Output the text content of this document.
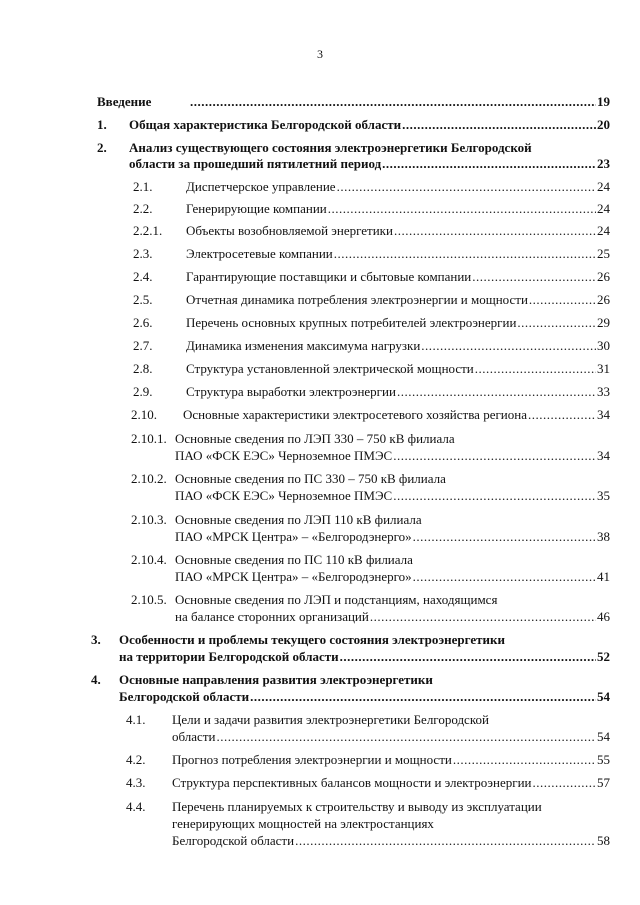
3
Введение .....	19
1.	Общая характеристика Белгородской области .....	20
2.	Анализ существующего состояния электроэнергетики Белгородской
области за прошедший пятилетний период .....	23
2.1.	Диспетчерское управление .....	24
2.2.	Генерирующие компании .....	24
2.2.1.	Объекты возобновляемой энергетики .....	24
2.3.	Электросетевые компании .....	25
2.4.	Гарантирующие поставщики и сбытовые компании .....	26
2.5.	Отчетная динамика потребления электроэнергии и мощности .....	26
2.6.	Перечень основных крупных потребителей электроэнергии .....	29
2.7.	Динамика изменения максимума нагрузки .....	30
2.8.	Структура установленной электрической мощности .....	31
2.9.	Структура выработки электроэнергии .....	33
2.10.	Основные характеристики электросетевого хозяйства региона .....	34
2.10.1. Основные сведения по ЛЭП 330 – 750 кВ филиала
ПАО «ФСК ЕЭС» Черноземное ПМЭС .....	34
2.10.2. Основные сведения по ПС 330 – 750 кВ филиала
ПАО «ФСК ЕЭС» Черноземное ПМЭС .....	35
2.10.3. Основные сведения по ЛЭП 110 кВ филиала
ПАО «МРСК Центра» – «Белгородэнерго» .....	38
2.10.4. Основные сведения по ПС 110 кВ филиала
ПАО «МРСК Центра» – «Белгородэнерго» .....	41
2.10.5. Основные сведения по ЛЭП и подстанциям, находящимся
на балансе сторонних организаций .....	46
3.	Особенности и проблемы текущего состояния электроэнергетики
на территории Белгородской области .....	52
4.	Основные направления развития электроэнергетики
Белгородской области .....	54
4.1.	Цели и задачи развития электроэнергетики Белгородской
области .....	54
4.2.	Прогноз потребления электроэнергии и мощности .....	55
4.3.	Структура перспективных балансов мощности и электроэнергии .....	57
4.4.	Перечень планируемых к строительству и выводу из эксплуатации
генерирующих мощностей на электростанциях
Белгородской области .....	58
